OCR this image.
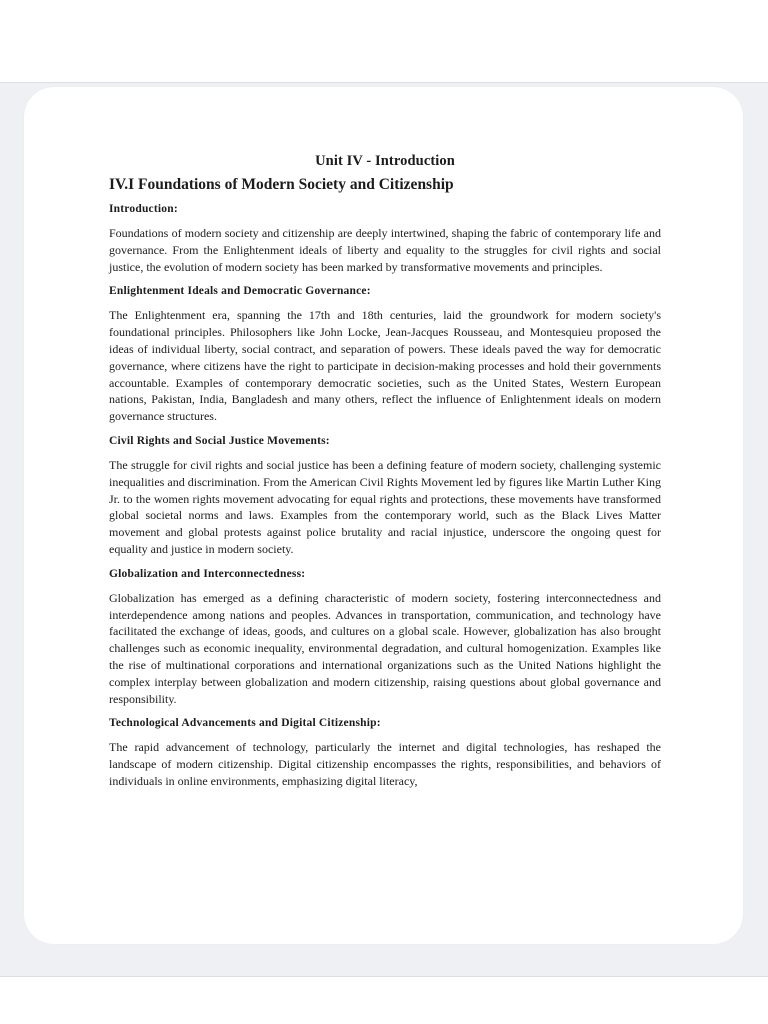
Unit IV - Introduction
IV.I Foundations of Modern Society and Citizenship
Introduction:

Foundations of modern society and citizenship are deeply intertwined, shaping the fabric of contemporary life and governance. From the Enlightenment ideals of liberty and equality to the struggles for civil rights and social justice, the evolution of modern society has been marked by transformative movements and principles.

Enlightenment Ideals and Democratic Governance:

The Enlightenment era, spanning the 17th and 18th centuries, laid the groundwork for modern society's foundational principles. Philosophers like John Locke, Jean-Jacques Rousseau, and Montesquieu proposed the ideas of individual liberty, social contract, and separation of powers. These ideals paved the way for democratic governance, where citizens have the right to participate in decision-making processes and hold their governments accountable. Examples of contemporary democratic societies, such as the United States, Western European nations, Pakistan, India, Bangladesh and many others, reflect the influence of Enlightenment ideals on modern governance structures.

Civil Rights and Social Justice Movements:

The struggle for civil rights and social justice has been a defining feature of modern society, challenging systemic inequalities and discrimination. From the American Civil Rights Movement led by figures like Martin Luther King Jr. to the women rights movement advocating for equal rights and protections, these movements have transformed global societal norms and laws. Examples from the contemporary world, such as the Black Lives Matter movement and global protests against police brutality and racial injustice, underscore the ongoing quest for equality and justice in modern society.

Globalization and Interconnectedness:

Globalization has emerged as a defining characteristic of modern society, fostering interconnectedness and interdependence among nations and peoples. Advances in transportation, communication, and technology have facilitated the exchange of ideas, goods, and cultures on a global scale. However, globalization has also brought challenges such as economic inequality, environmental degradation, and cultural homogenization. Examples like the rise of multinational corporations and international organizations such as the United Nations highlight the complex interplay between globalization and modern citizenship, raising questions about global governance and responsibility.

Technological Advancements and Digital Citizenship:

The rapid advancement of technology, particularly the internet and digital technologies, has reshaped the landscape of modern citizenship. Digital citizenship encompasses the rights, responsibilities, and behaviors of individuals in online environments, emphasizing digital literacy,
